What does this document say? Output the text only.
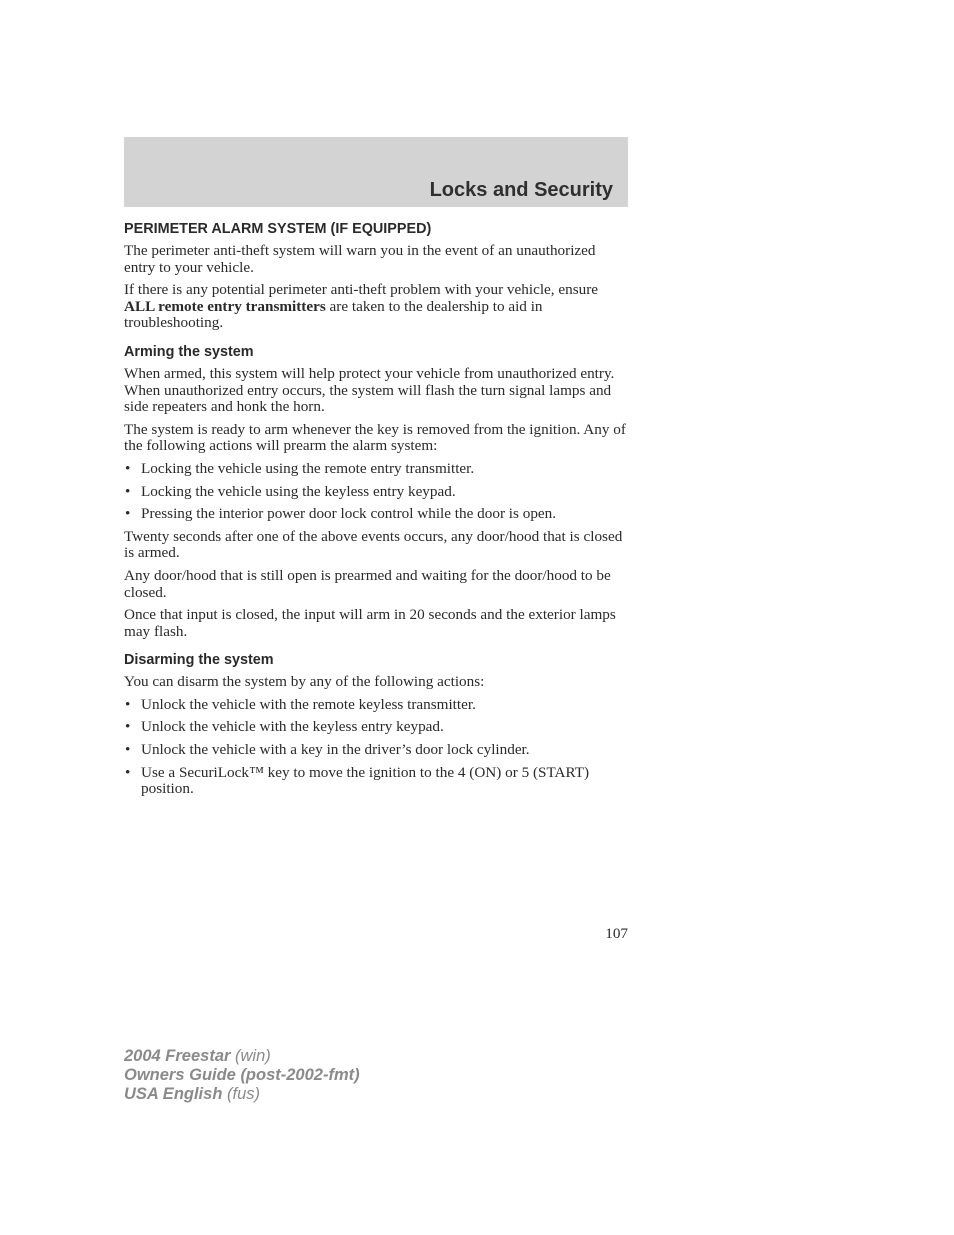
Locks and Security
PERIMETER ALARM SYSTEM (IF EQUIPPED)

The perimeter anti-theft system will warn you in the event of an unauthorized entry to your vehicle.

If there is any potential perimeter anti-theft problem with your vehicle, ensure ALL remote entry transmitters are taken to the dealership to aid in troubleshooting.

Arming the system

When armed, this system will help protect your vehicle from unauthorized entry. When unauthorized entry occurs, the system will flash the turn signal lamps and side repeaters and honk the horn.

The system is ready to arm whenever the key is removed from the ignition. Any of the following actions will prearm the alarm system:

• Locking the vehicle using the remote entry transmitter.
• Locking the vehicle using the keyless entry keypad.
• Pressing the interior power door lock control while the door is open.

Twenty seconds after one of the above events occurs, any door/hood that is closed is armed.

Any door/hood that is still open is prearmed and waiting for the door/hood to be closed.

Once that input is closed, the input will arm in 20 seconds and the exterior lamps may flash.

Disarming the system

You can disarm the system by any of the following actions:

• Unlock the vehicle with the remote keyless transmitter.
• Unlock the vehicle with the keyless entry keypad.
• Unlock the vehicle with a key in the driver’s door lock cylinder.
• Use a SecuriLock™ key to move the ignition to the 4 (ON) or 5 (START) position.
107
2004 Freestar (win)
Owners Guide (post-2002-fmt)
USA English (fus)
